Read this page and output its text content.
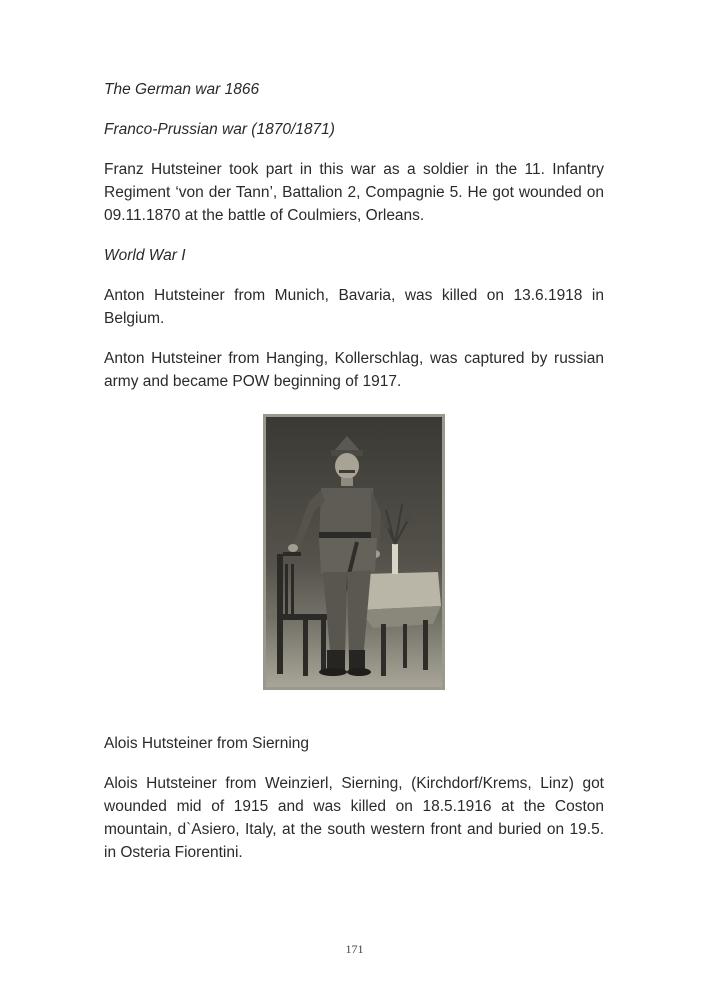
The German war 1866

Franco-Prussian war (1870/1871)

Franz Hutsteiner took part in this war as a soldier in the 11. Infantry Regiment ‘von der Tann’, Battalion 2, Compagnie 5. He got wounded on 09.11.1870 at the battle of Coulmiers, Orleans.

World War I

Anton Hutsteiner from Munich, Bavaria, was killed on 13.6.1918 in Belgium.

Anton Hutsteiner from Hanging, Kollerschlag, was captured by russian army and became POW beginning of 1917.

Alois Hutsteiner from Sierning
Alois Hutsteiner from Weinzierl, Sierning, (Kirchdorf/Krems, Linz) got wounded mid of 1915 and was killed on 18.5.1916 at the Coston mountain, d`Asiero, Italy, at the south western front and buried on 19.5. in Osteria Fiorentini.
171
